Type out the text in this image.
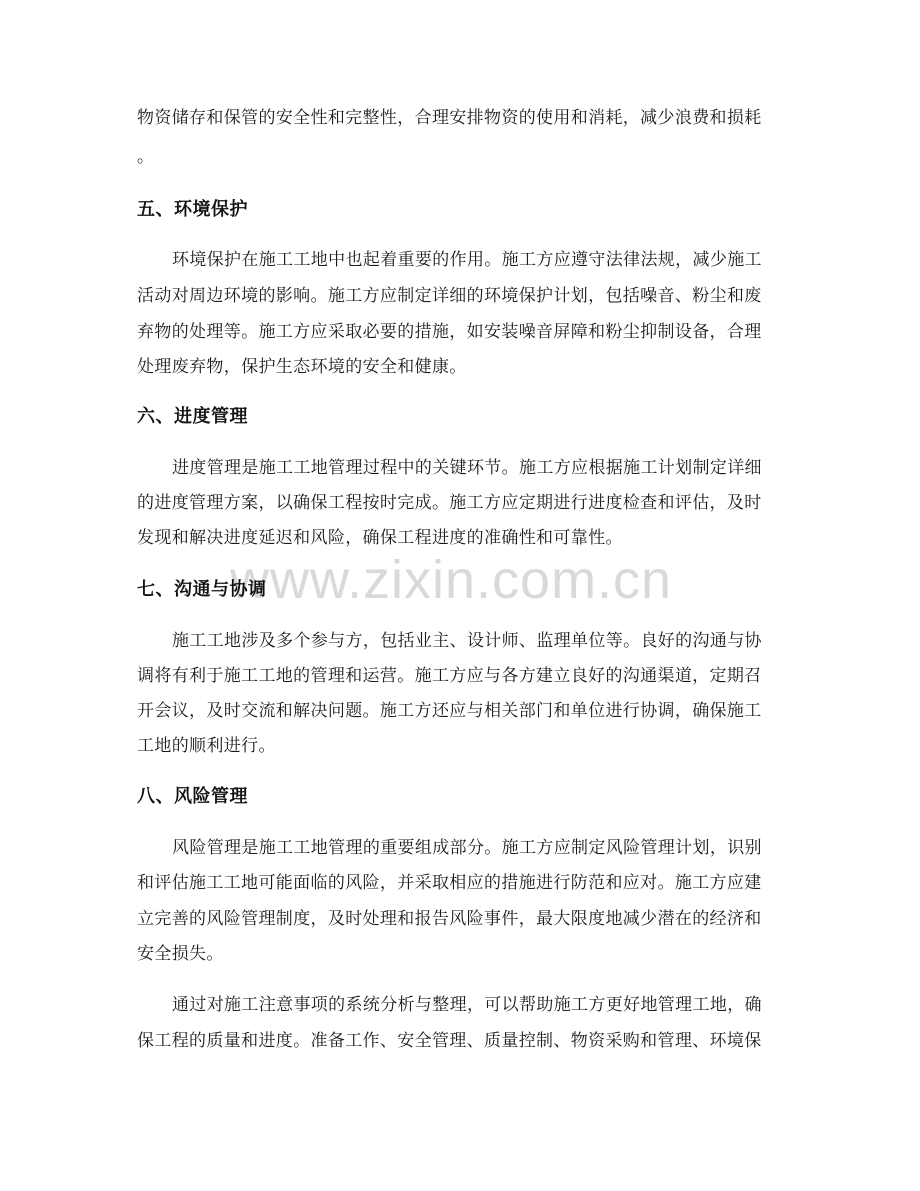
物资储存和保管的安全性和完整性，合理安排物资的使用和消耗，减少浪费和损耗
。
五、环境保护
环境保护在施工工地中也起着重要的作用。施工方应遵守法律法规，减少施工
活动对周边环境的影响。施工方应制定详细的环境保护计划，包括噪音、粉尘和废
弃物的处理等。施工方应采取必要的措施，如安装噪音屏障和粉尘抑制设备，合理
处理废弃物，保护生态环境的安全和健康。
六、进度管理
进度管理是施工工地管理过程中的关键环节。施工方应根据施工计划制定详细
的进度管理方案，以确保工程按时完成。施工方应定期进行进度检查和评估，及时
发现和解决进度延迟和风险，确保工程进度的准确性和可靠性。
www.zixin.com.cn
七、沟通与协调
施工工地涉及多个参与方，包括业主、设计师、监理单位等。良好的沟通与协
调将有利于施工工地的管理和运营。施工方应与各方建立良好的沟通渠道，定期召
开会议，及时交流和解决问题。施工方还应与相关部门和单位进行协调，确保施工
工地的顺利进行。
八、风险管理
风险管理是施工工地管理的重要组成部分。施工方应制定风险管理计划，识别
和评估施工工地可能面临的风险，并采取相应的措施进行防范和应对。施工方应建
立完善的风险管理制度，及时处理和报告风险事件，最大限度地减少潜在的经济和
安全损失。
通过对施工注意事项的系统分析与整理，可以帮助施工方更好地管理工地，确
保工程的质量和进度。准备工作、安全管理、质量控制、物资采购和管理、环境保
